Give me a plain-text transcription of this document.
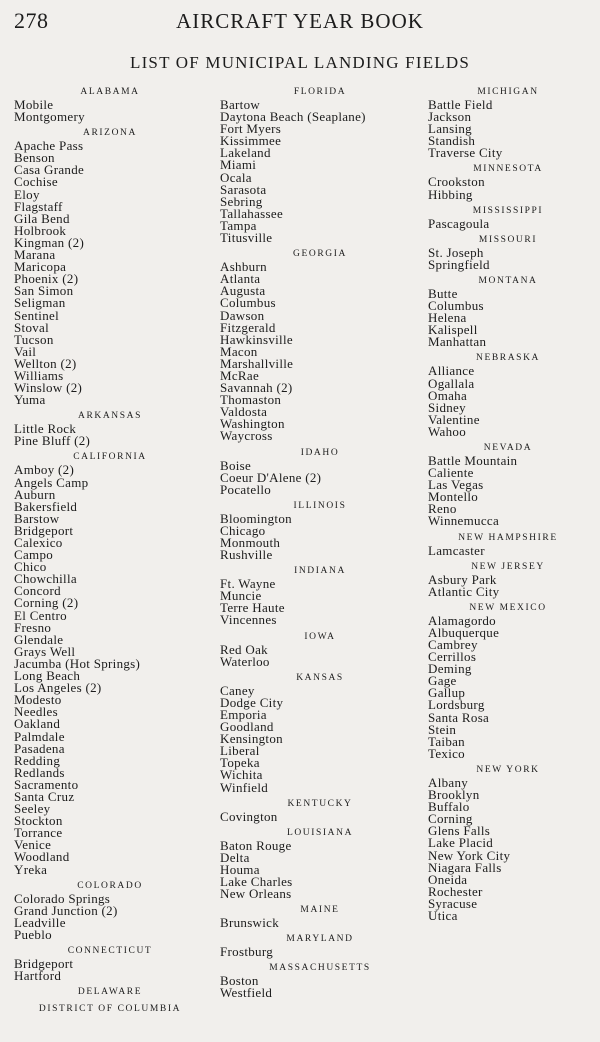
278	AIRCRAFT YEAR BOOK
LIST OF MUNICIPAL LANDING FIELDS
ALABAMA
Mobile
Montgomery
ARIZONA
Apache Pass
Benson
Casa Grande
Cochise
Eloy
Flagstaff
Gila Bend
Holbrook
Kingman (2)
Marana
Maricopa
Phoenix (2)
San Simon
Seligman
Sentinel
Stoval
Tucson
Vail
Wellton (2)
Williams
Winslow (2)
Yuma
ARKANSAS
Little Rock
Pine Bluff (2)
CALIFORNIA
Amboy (2)
Angels Camp
Auburn
Bakersfield
Barstow
Bridgeport
Calexico
Campo
Chico
Chowchilla
Concord
Corning (2)
El Centro
Fresno
Glendale
Grays Well
Jacumba (Hot Springs)
Long Beach
Los Angeles (2)
Modesto
Needles
Oakland
Palmdale
Pasadena
Redding
Redlands
Sacramento
Santa Cruz
Seeley
Stockton
Torrance
Venice
Woodland
Yreka
COLORADO
Colorado Springs
Grand Junction (2)
Leadville
Pueblo
CONNECTICUT
Bridgeport
Hartford
DELAWARE
DISTRICT OF COLUMBIA
FLORIDA
Bartow
Daytona Beach (Seaplane)
Fort Myers
Kissimmee
Lakeland
Miami
Ocala
Sarasota
Sebring
Tallahassee
Tampa
Titusville
GEORGIA
Ashburn
Atlanta
Augusta
Columbus
Dawson
Fitzgerald
Hawkinsville
Macon
Marshallville
McRae
Savannah (2)
Thomaston
Valdosta
Washington
Waycross
IDAHO
Boise
Coeur D'Alene (2)
Pocatello
ILLINOIS
Bloomington
Chicago
Monmouth
Rushville
INDIANA
Ft. Wayne
Muncie
Terre Haute
Vincennes
IOWA
Red Oak
Waterloo
KANSAS
Caney
Dodge City
Emporia
Goodland
Kensington
Liberal
Topeka
Wichita
Winfield
KENTUCKY
Covington
LOUISIANA
Baton Rouge
Delta
Houma
Lake Charles
New Orleans
MAINE
Brunswick
MARYLAND
Frostburg
MASSACHUSETTS
Boston
Westfield
MICHIGAN
Battle Field
Jackson
Lansing
Standish
Traverse City
MINNESOTA
Crookston
Hibbing
MISSISSIPPI
Pascagoula
MISSOURI
St. Joseph
Springfield
MONTANA
Butte
Columbus
Helena
Kalispell
Manhattan
NEBRASKA
Alliance
Ogallala
Omaha
Sidney
Valentine
Wahoo
NEVADA
Battle Mountain
Caliente
Las Vegas
Montello
Reno
Winnemucca
NEW HAMPSHIRE
Lamcaster
NEW JERSEY
Asbury Park
Atlantic City
NEW MEXICO
Alamagordo
Albuquerque
Cambrey
Cerrillos
Deming
Gage
Gallup
Lordsburg
Santa Rosa
Stein
Taiban
Texico
NEW YORK
Albany
Brooklyn
Buffalo
Corning
Glens Falls
Lake Placid
New York City
Niagara Falls
Oneida
Rochester
Syracuse
Utica
